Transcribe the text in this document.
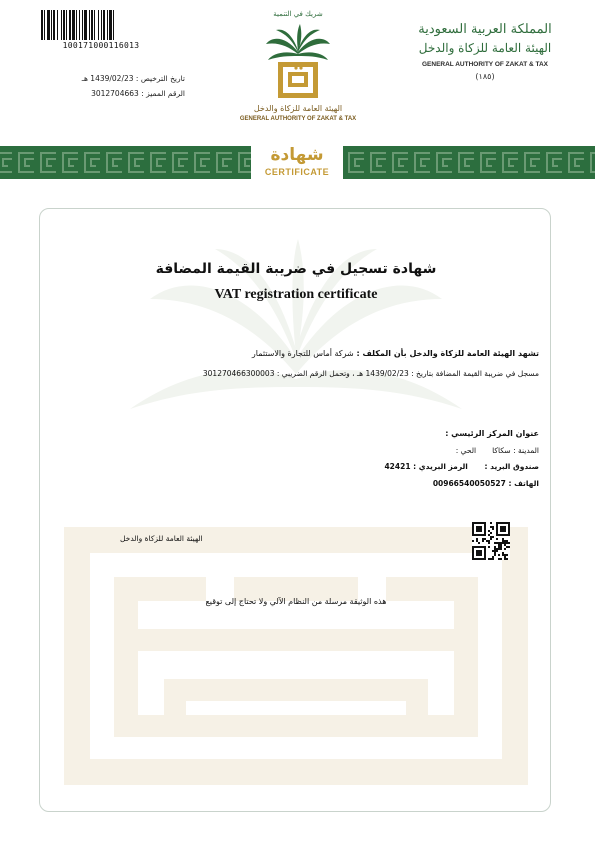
100171000116013
تاريخ الترخيص : 1439/02/23 هـ
الرقم المميز : 3012704663
شريك في التنمية
الهيئة العامة للزكاة والدخل
GENERAL AUTHORITY OF ZAKAT & TAX
المملكة العربية السعودية
الهيئة العامة للزكاة والدخل
GENERAL AUTHORITY OF ZAKAT & TAX
(١٨٥)
شهادة
CERTIFICATE
شهادة تسجيل في ضريبة القيمة المضافة
VAT registration certificate
تشهد الهيئة العامة للزكاة والدخل بأن المكلف : شركة أماس للتجارة والاستثمار
مسجل في ضريبة القيمة المضافة بتاريخ : 1439/02/23 هـ ، وتحمل الرقم الضريبي : 301270466300003
عنوان المركز الرئيسي :
المدينة : سكاكاالحي :
صندوق البريد : الرمز البريدي : 42421
الهاتف : 00966540050527
الهيئة العامة للزكاة والدخل
هذه الوثيقة مرسلة من النظام الآلي ولا تحتاج إلى توقيع
